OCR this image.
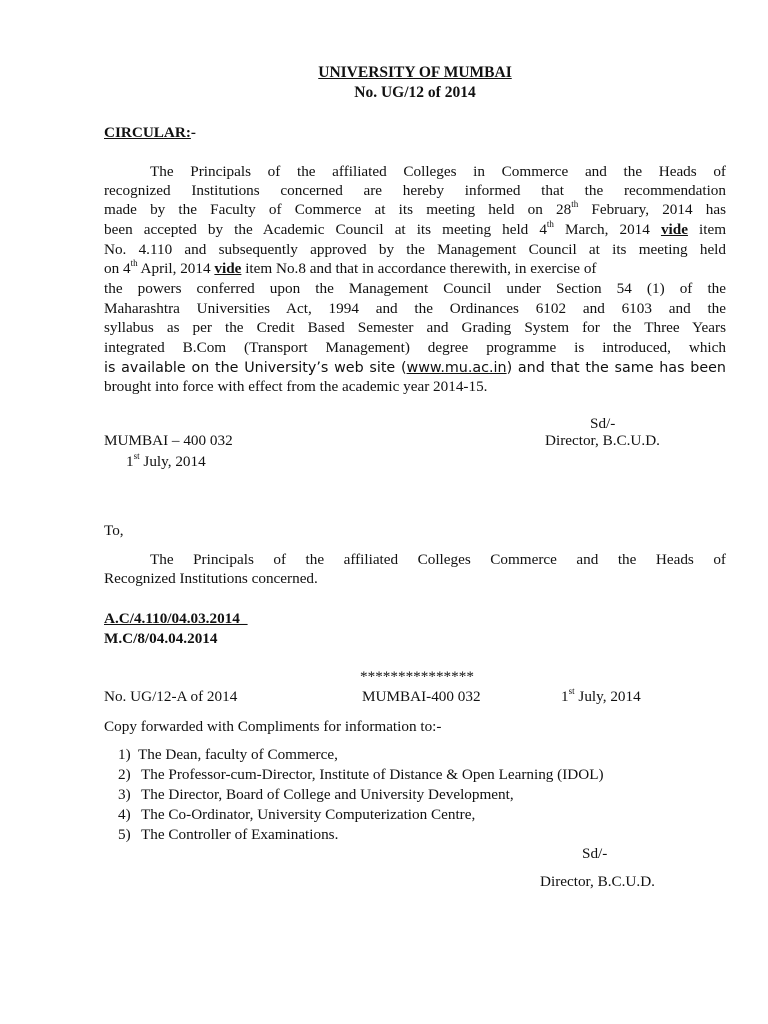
UNIVERSITY OF MUMBAI
No. UG/12 of 2014
CIRCULAR:-
The Principals of the affiliated Colleges in Commerce and the Heads of
recognized Institutions concerned are hereby informed that the recommendation
made by the Faculty of Commerce at its meeting held on 28th February, 2014 has
been accepted by the Academic Council at its meeting held 4th March, 2014 vide item
No. 4.110 and subsequently approved by the Management Council at its meeting held
on 4th April, 2014 vide item No.8 and that in accordance therewith, in exercise of
the powers conferred upon the Management Council under Section 54 (1) of the
Maharashtra Universities Act, 1994 and the Ordinances 6102 and 6103 and the
syllabus as per the Credit Based Semester and Grading System for the Three Years
integrated B.Com (Transport Management) degree programme is introduced, which
is available on the University’s web site (www.mu.ac.in) and that the same has been
brought into force with effect from the academic year 2014-15.
Sd/-
MUMBAI – 400 032	Director, B.C.U.D.
1st July, 2014
To,
The Principals of the affiliated Colleges Commerce and the Heads of
Recognized Institutions concerned.
A.C/4.110/04.03.2014_
M.C/8/04.04.2014
***************
No. UG/12-A of 2014	MUMBAI-400 032	1st July, 2014
Copy forwarded with Compliments for information to:-
1) The Dean, faculty of Commerce,
2) The Professor-cum-Director, Institute of Distance & Open Learning (IDOL)
3) The Director, Board of College and University Development,
4) The Co-Ordinator, University Computerization Centre,
5) The Controller of Examinations.
Sd/-
Director, B.C.U.D.
